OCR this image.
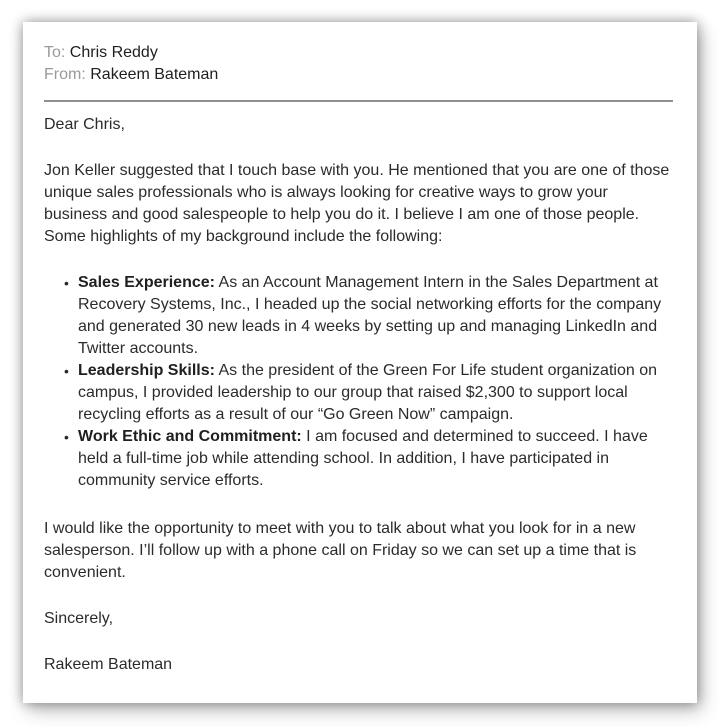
To: Chris Reddy
From: Rakeem Bateman

Dear Chris,

Jon Keller suggested that I touch base with you. He mentioned that you are one of those unique sales professionals who is always looking for creative ways to grow your business and good salespeople to help you do it. I believe I am one of those people. Some highlights of my background include the following:

• Sales Experience: As an Account Management Intern in the Sales Department at Recovery Systems, Inc., I headed up the social networking efforts for the company and generated 30 new leads in 4 weeks by setting up and managing LinkedIn and Twitter accounts.
• Leadership Skills: As the president of the Green For Life student organization on campus, I provided leadership to our group that raised $2,300 to support local recycling efforts as a result of our “Go Green Now” campaign.
• Work Ethic and Commitment: I am focused and determined to succeed. I have held a full-time job while attending school. In addition, I have participated in community service efforts.

I would like the opportunity to meet with you to talk about what you look for in a new salesperson. I’ll follow up with a phone call on Friday so we can set up a time that is convenient.

Sincerely,

Rakeem Bateman
